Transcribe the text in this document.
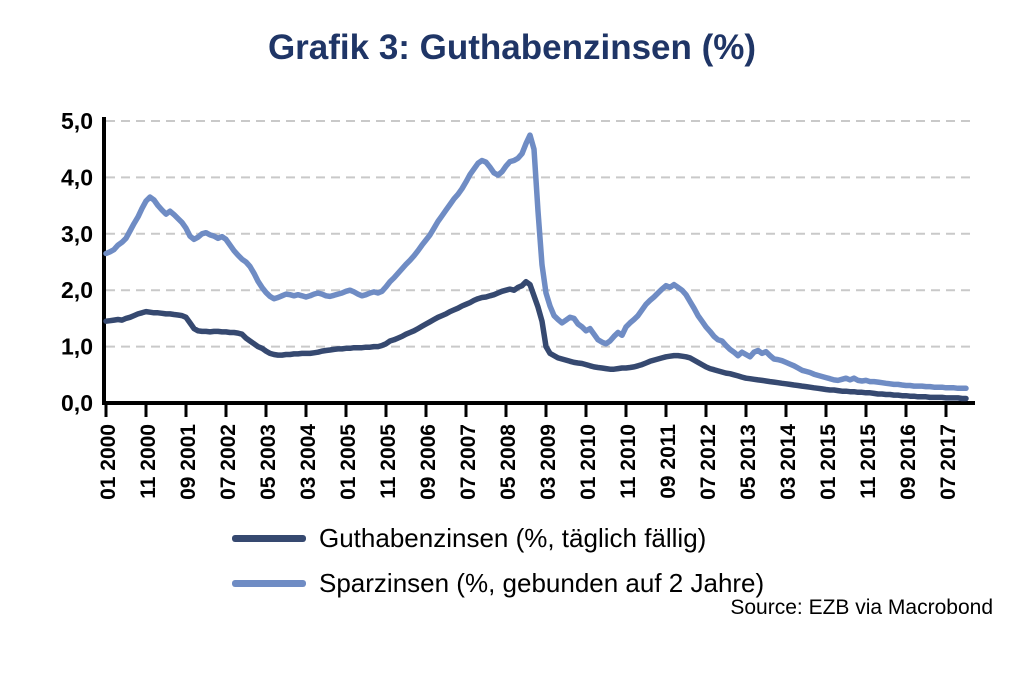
Grafik 3: Guthabenzinsen (%)
0,0
1,0
2,0
3,0
4,0
5,0
01 2000 11 2000 09 2001 07 2002 05 2003 03 2004 01 2005 11 2005 09 2006 07 2007 05 2008 03 2009 01 2010 11 2010 09 2011 07 2012 05 2013 03 2014 01 2015 11 2015 09 2016 07 2017
Guthabenzinsen (%, täglich fällig)
Sparzinsen (%, gebunden auf 2 Jahre)
Source: EZB via Macrobond
